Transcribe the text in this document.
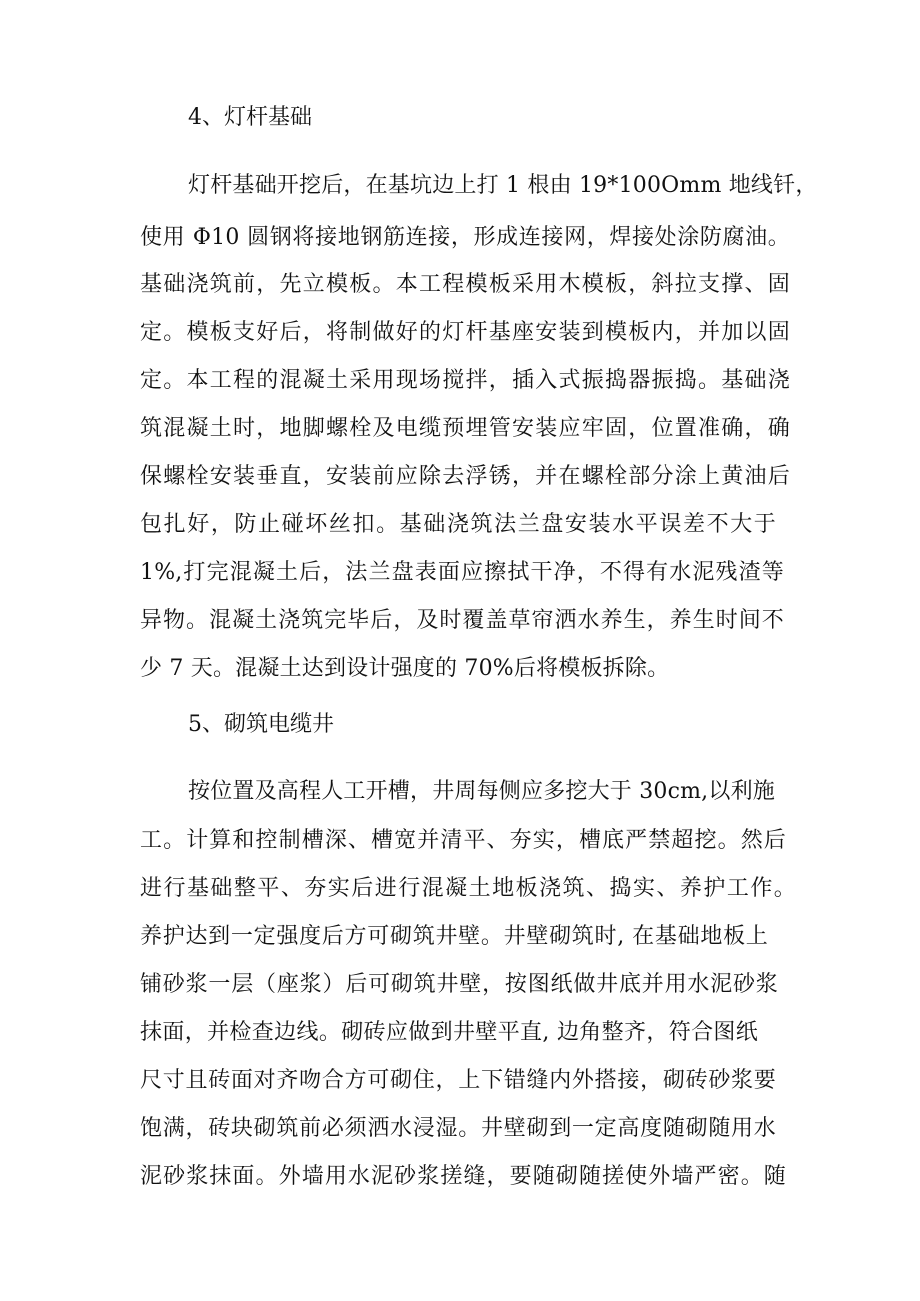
4、灯杆基础
灯杆基础开挖后，在基坑边上打 1 根由 19*100Omm 地线钎，
使用 Φ10 圆钢将接地钢筋连接，形成连接网，焊接处涂防腐油。
基础浇筑前，先立模板。本工程模板采用木模板，斜拉支撑、固
定。模板支好后，将制做好的灯杆基座安装到模板内，并加以固
定。本工程的混凝土采用现场搅拌，插入式振捣器振捣。基础浇
筑混凝土时，地脚螺栓及电缆预埋管安装应牢固，位置准确，确
保螺栓安装垂直，安装前应除去浮锈，并在螺栓部分涂上黄油后
包扎好，防止碰坏丝扣。基础浇筑法兰盘安装水平误差不大于
1%,打完混凝土后，法兰盘表面应擦拭干净，不得有水泥残渣等
异物。混凝土浇筑完毕后，及时覆盖草帘洒水养生，养生时间不
少 7 天。混凝土达到设计强度的 70%后将模板拆除。
5、砌筑电缆井
按位置及高程人工开槽，井周每侧应多挖大于 30cm,以利施
工。计算和控制槽深、槽宽并清平、夯实，槽底严禁超挖。然后
进行基础整平、夯实后进行混凝土地板浇筑、捣实、养护工作。
养护达到一定强度后方可砌筑井壁。井壁砌筑时, 在基础地板上
铺砂浆一层（座浆）后可砌筑井壁，按图纸做井底并用水泥砂浆
抹面，并检查边线。砌砖应做到井壁平直, 边角整齐，符合图纸
尺寸且砖面对齐吻合方可砌住，上下错缝内外搭接，砌砖砂浆要
饱满，砖块砌筑前必须洒水浸湿。井壁砌到一定高度随砌随用水
泥砂浆抹面。外墙用水泥砂浆搓缝，要随砌随搓使外墙严密。随
